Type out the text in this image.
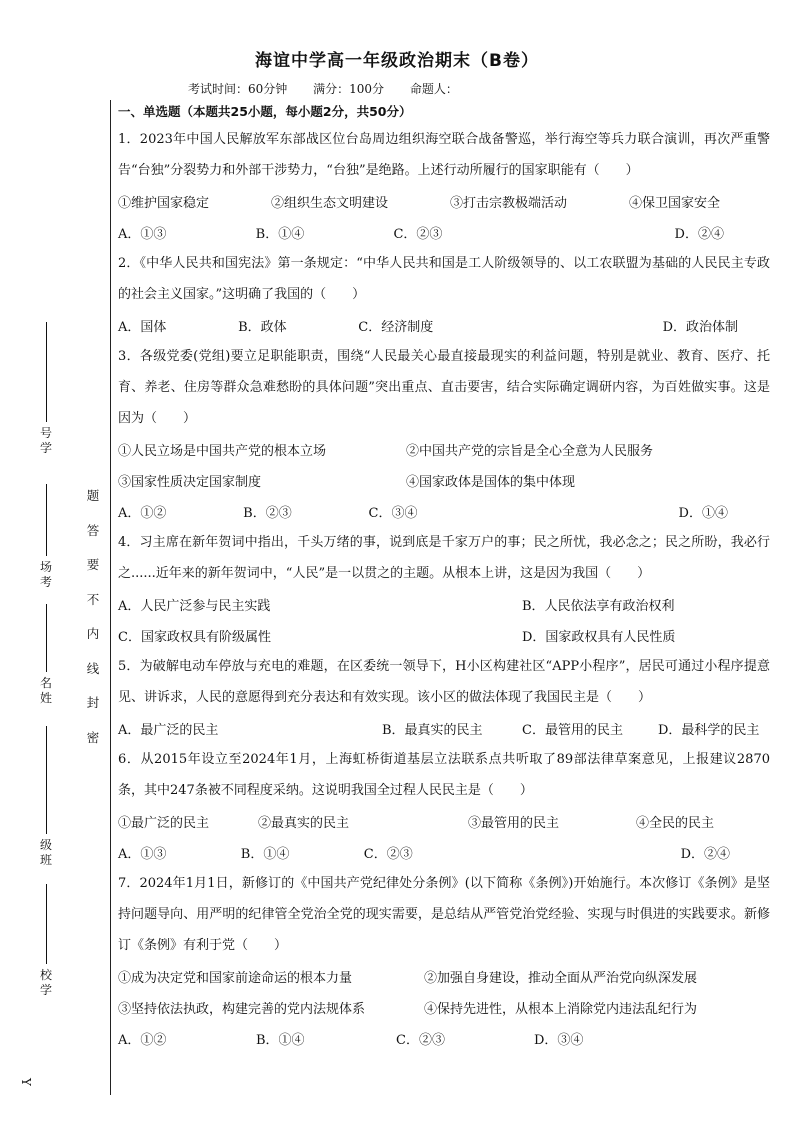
海谊中学高一年级政治期末（B卷）
考试时间：60分钟 满分：100分 命题人：
一、单选题（本题共25小题，每小题2分，共50分）
题
答
要
不
内
线
封
密
号
学
场
考
名
姓
级
班
校
学
Y
1．2023年中国人民解放军东部战区位台岛周边组织海空联合战备警巡，举行海空等兵力联合演训，再次严重警告“台独”分裂势力和外部干涉势力，“台独”是绝路。上述行动所履行的国家职能有（　　）
①维护国家稳定	②组织生态文明建设	③打击宗教极端活动	④保卫国家安全
A．①③	B．①④	C．②③	D．②④
2．《中华人民共和国宪法》第一条规定：“中华人民共和国是工人阶级领导的、以工农联盟为基础的人民民主专政的社会主义国家。”这明确了我国的（　　）
A．国体	B．政体	C．经济制度	D．政治体制
3．各级党委(党组)要立足职能职责，围绕“人民最关心最直接最现实的利益问题，特别是就业、教育、医疗、托育、养老、住房等群众急难愁盼的具体问题”突出重点、直击要害，结合实际确定调研内容，为百姓做实事。这是因为（　　）
①人民立场是中国共产党的根本立场	②中国共产党的宗旨是全心全意为人民服务
③国家性质决定国家制度	④国家政体是国体的集中体现
A．①②	B．②③	C．③④	D．①④
4．习主席在新年贺词中指出，千头万绪的事，说到底是千家万户的事；民之所忧，我必念之；民之所盼，我必行之......近年来的新年贺词中，“人民”是一以贯之的主题。从根本上讲，这是因为我国（　　）
A．人民广泛参与民主实践	B．人民依法享有政治权利
C．国家政权具有阶级属性	D．国家政权具有人民性质
5．为破解电动车停放与充电的难题，在区委统一领导下，H小区构建社区“APP小程序”，居民可通过小程序提意见、讲诉求，人民的意愿得到充分表达和有效实现。该小区的做法体现了我国民主是（　　）
A．最广泛的民主	B．最真实的民主	C．最管用的民主	D．最科学的民主
6．从2015年设立至2024年1月，上海虹桥街道基层立法联系点共听取了89部法律草案意见，上报建议2870条，其中247条被不同程度采纳。这说明我国全过程人民民主是（　　）
①最广泛的民主	②最真实的民主	③最管用的民主	④全民的民主
A．①③	B．①④	C．②③	D．②④
7．2024年1月1日，新修订的《中国共产党纪律处分条例》(以下简称《条例》)开始施行。本次修订《条例》是坚持问题导向、用严明的纪律管全党治全党的现实需要，是总结从严管党治党经验、实现与时俱进的实践要求。新修订《条例》有利于党（　　）
①成为决定党和国家前途命运的根本力量	②加强自身建设，推动全面从严治党向纵深发展
③坚持依法执政，构建完善的党内法规体系	④保持先进性，从根本上消除党内违法乱纪行为
A．①②	B．①④	C．②③	D．③④
